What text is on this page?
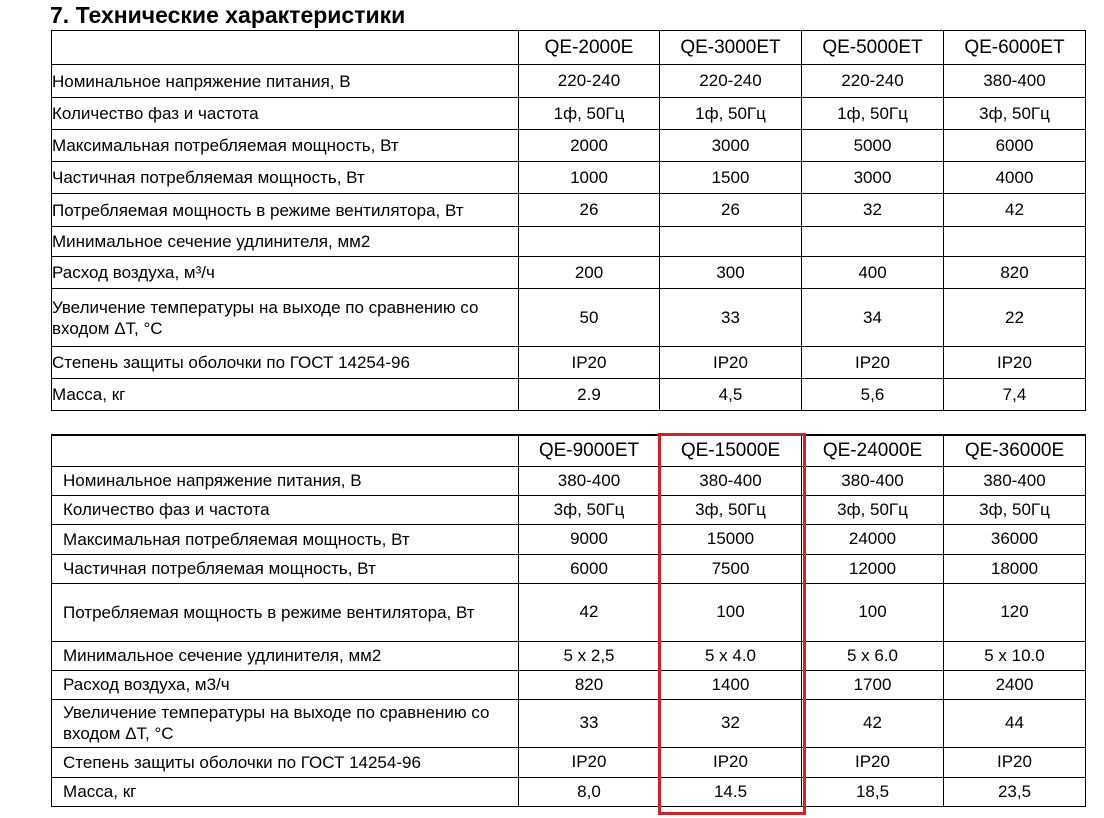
7. Технические характеристики
	QE-2000E	QE-3000ET	QE-5000ET	QE-6000ET
Номинальное напряжение питания, В	220-240	220-240	220-240	380-400
Количество фаз и частота	1ф, 50Гц	1ф, 50Гц	1ф, 50Гц	3ф, 50Гц
Максимальная потребляемая мощность, Вт	2000	3000	5000	6000
Частичная потребляемая мощность, Вт	1000	1500	3000	4000
Потребляемая мощность в режиме вентилятора, Вт	26	26	32	42
Минимальное сечение удлинителя, мм2				
Расход воздуха, м³/ч	200	300	400	820
Увеличение температуры на выходе по сравнению со входом ΔT, °C	50	33	34	22
Степень защиты оболочки по ГОСТ 14254-96	IP20	IP20	IP20	IP20
Масса, кг	2.9	4,5	5,6	7,4
	QE-9000ET	QE-15000E	QE-24000E	QE-36000E
Номинальное напряжение питания, В	380-400	380-400	380-400	380-400
Количество фаз и частота	3ф, 50Гц	3ф, 50Гц	3ф, 50Гц	3ф, 50Гц
Максимальная потребляемая мощность, Вт	9000	15000	24000	36000
Частичная потребляемая мощность, Вт	6000	7500	12000	18000
Потребляемая мощность в режиме вентилятора, Вт	42	100	100	120
Минимальное сечение удлинителя, мм2	5 x 2,5	5 x 4.0	5 x 6.0	5 x 10.0
Расход воздуха, м3/ч	820	1400	1700	2400
Увеличение температуры на выходе по сравнению со входом ΔT, °C	33	32	42	44
Степень защиты оболочки по ГОСТ 14254-96	IP20	IP20	IP20	IP20
Масса, кг	8,0	14.5	18,5	23,5
